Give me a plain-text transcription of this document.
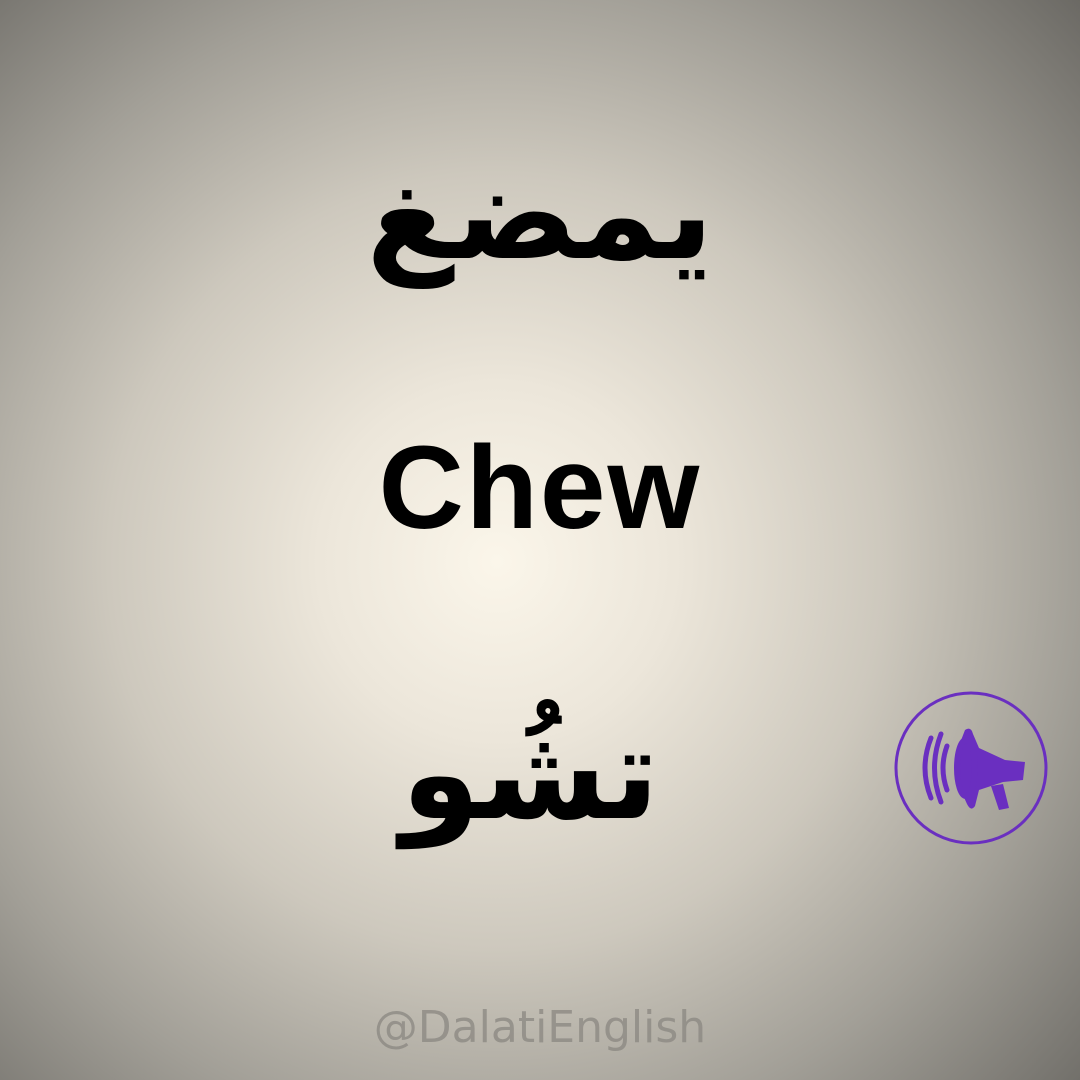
يمضغ
Chew
تشُو
@DalatiEnglish
